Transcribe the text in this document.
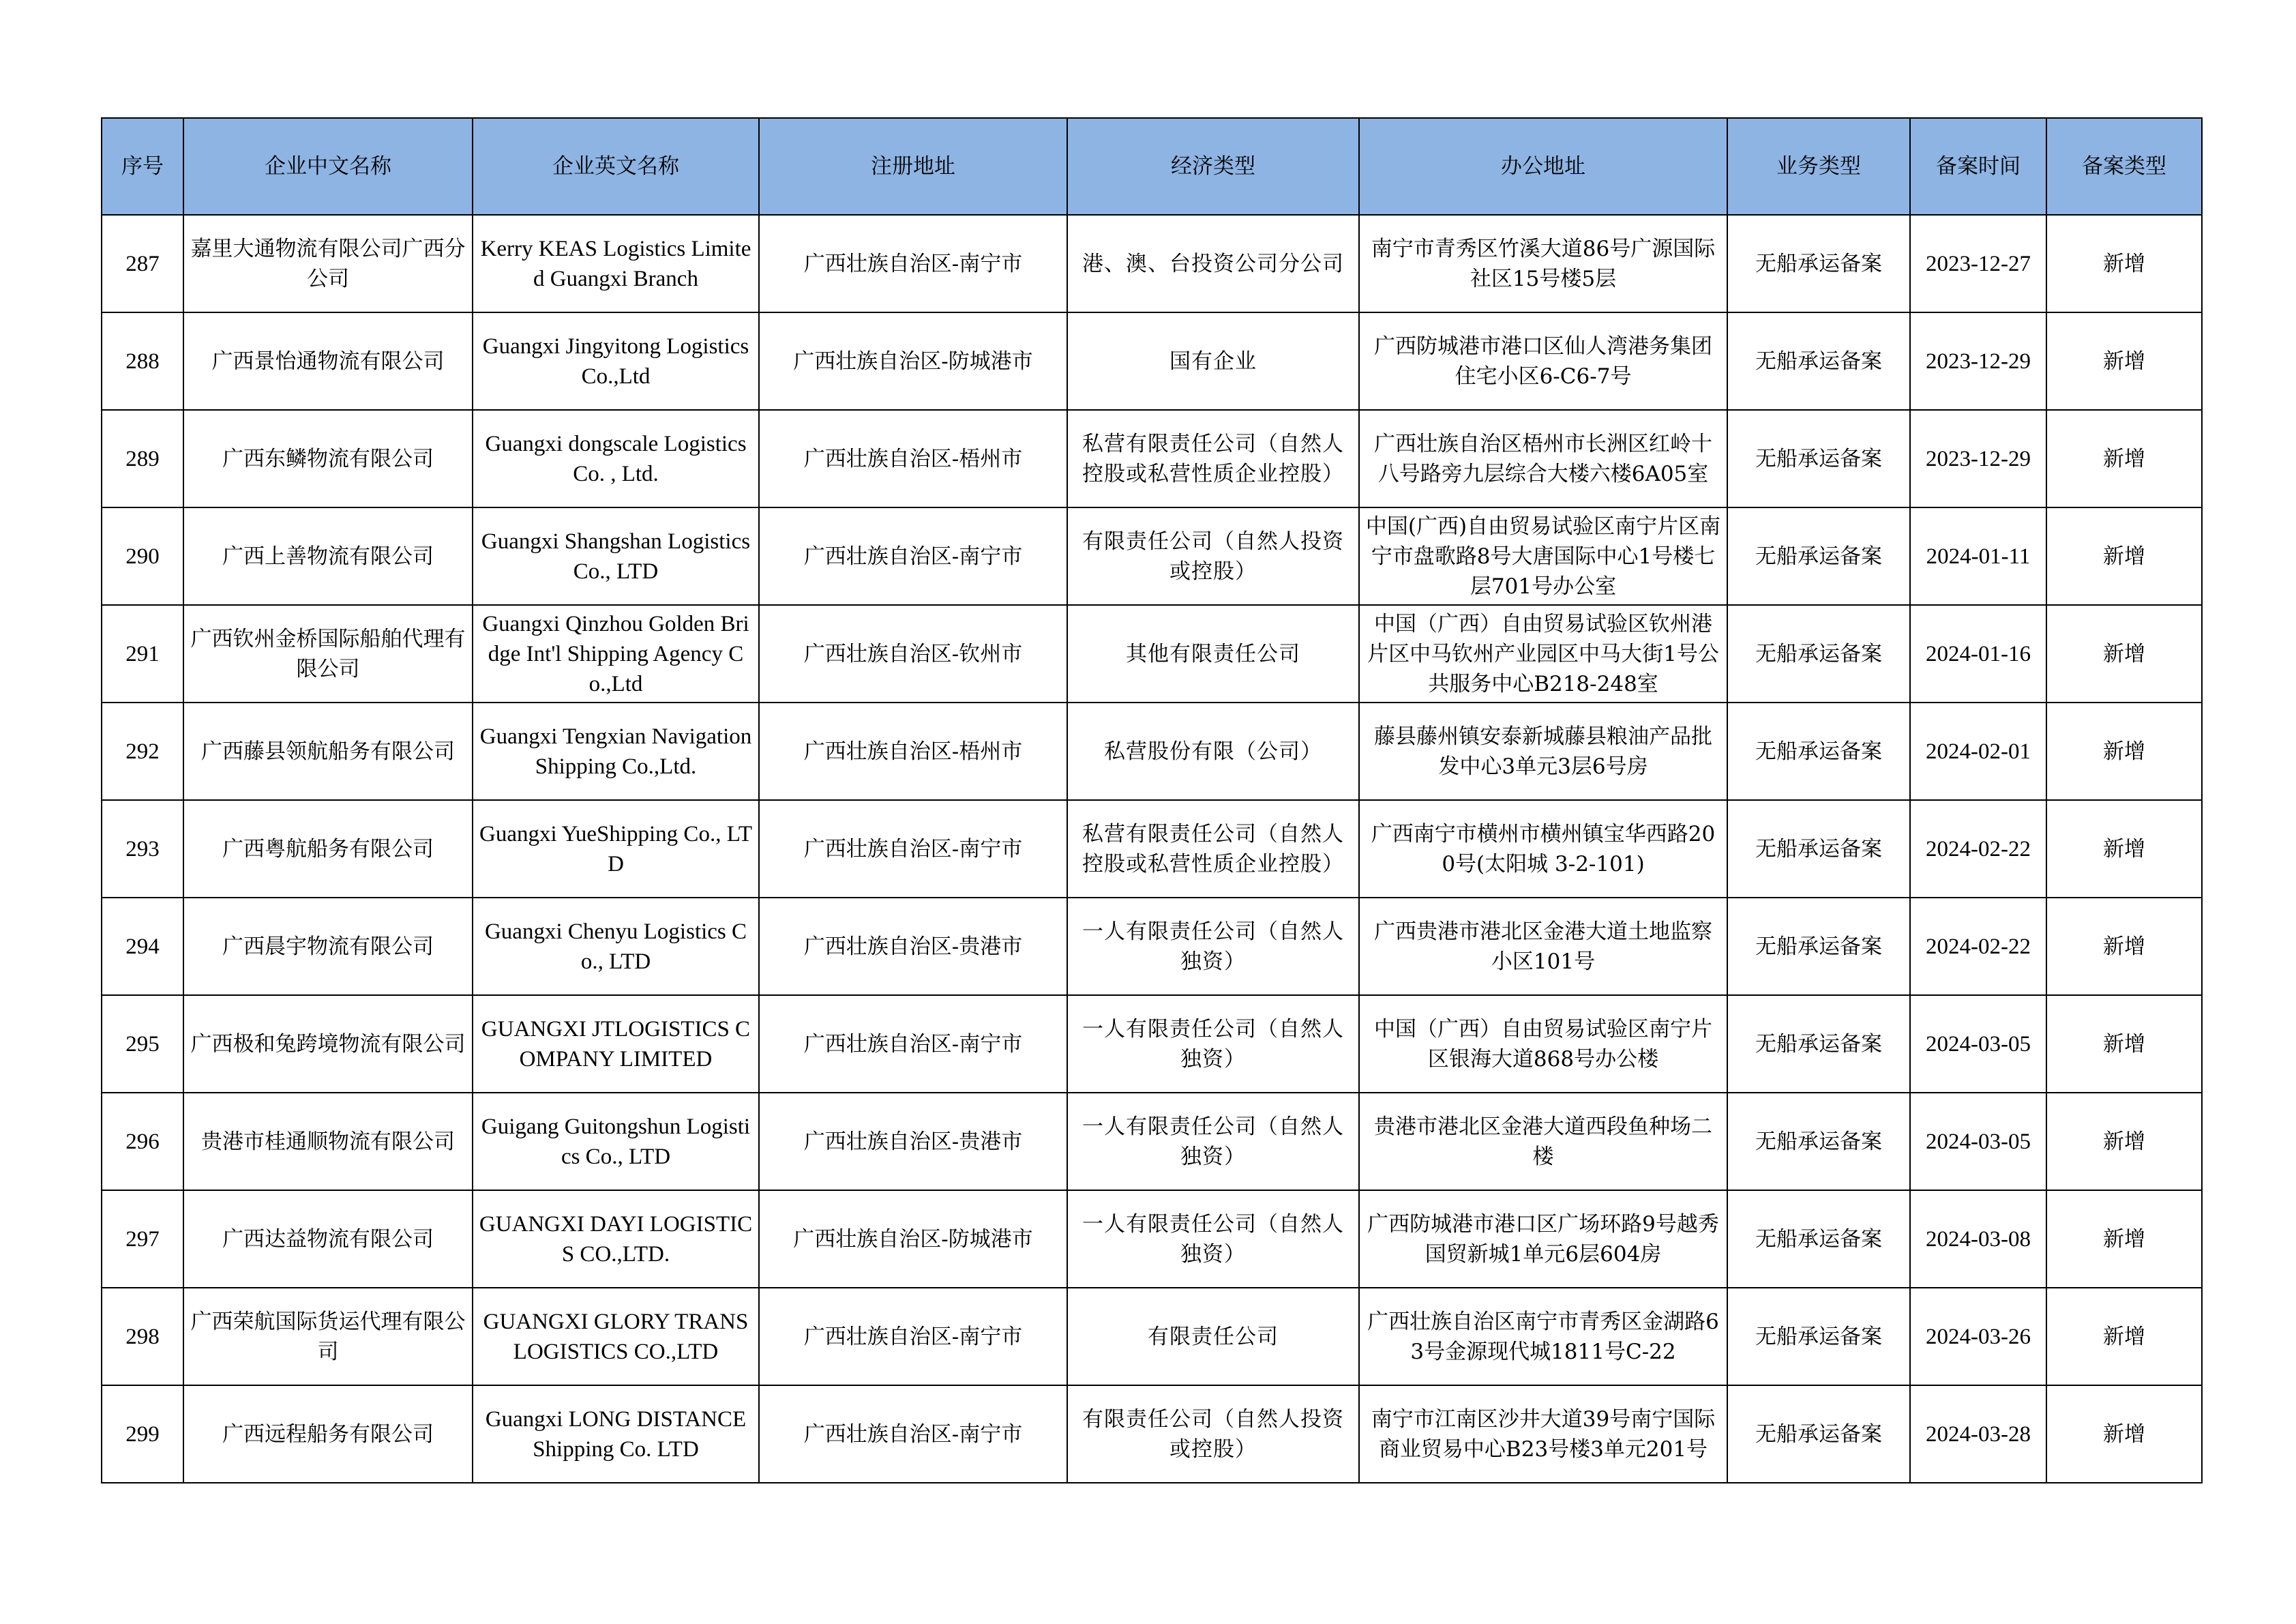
序号	企业中文名称	企业英文名称	注册地址	经济类型	办公地址	业务类型	备案时间	备案类型
287	嘉里大通物流有限公司广西分公司	Kerry KEAS Logistics Limited Guangxi Branch	广西壮族自治区-南宁市	港、澳、台投资公司分公司	南宁市青秀区竹溪大道86号广源国际社区15号楼5层	无船承运备案	2023-12-27	新增
288	广西景怡通物流有限公司	Guangxi Jingyitong Logistics Co.,Ltd	广西壮族自治区-防城港市	国有企业	广西防城港市港口区仙人湾港务集团住宅小区6-C6-7号	无船承运备案	2023-12-29	新增
289	广西东鳞物流有限公司	Guangxi dongscale Logistics Co. , Ltd.	广西壮族自治区-梧州市	私营有限责任公司（自然人控股或私营性质企业控股）	广西壮族自治区梧州市长洲区红岭十八号路旁九层综合大楼六楼6A05室	无船承运备案	2023-12-29	新增
290	广西上善物流有限公司	Guangxi Shangshan Logistics Co., LTD	广西壮族自治区-南宁市	有限责任公司（自然人投资或控股）	中国(广西)自由贸易试验区南宁片区南宁市盘歌路8号大唐国际中心1号楼七层701号办公室	无船承运备案	2024-01-11	新增
291	广西钦州金桥国际船舶代理有限公司	Guangxi Qinzhou Golden Bridge Int'l Shipping Agency Co.,Ltd	广西壮族自治区-钦州市	其他有限责任公司	中国（广西）自由贸易试验区钦州港片区中马钦州产业园区中马大街1号公共服务中心B218-248室	无船承运备案	2024-01-16	新增
292	广西藤县领航船务有限公司	Guangxi Tengxian Navigation Shipping Co.,Ltd.	广西壮族自治区-梧州市	私营股份有限（公司）	藤县藤州镇安泰新城藤县粮油产品批发中心3单元3层6号房	无船承运备案	2024-02-01	新增
293	广西粤航船务有限公司	Guangxi YueShipping Co., LTD	广西壮族自治区-南宁市	私营有限责任公司（自然人控股或私营性质企业控股）	广西南宁市横州市横州镇宝华西路200号(太阳城 3-2-101)	无船承运备案	2024-02-22	新增
294	广西晨宇物流有限公司	Guangxi Chenyu Logistics Co., LTD	广西壮族自治区-贵港市	一人有限责任公司（自然人独资）	广西贵港市港北区金港大道土地监察小区101号	无船承运备案	2024-02-22	新增
295	广西极和兔跨境物流有限公司	GUANGXI JTLOGISTICS COMPANY LIMITED	广西壮族自治区-南宁市	一人有限责任公司（自然人独资）	中国（广西）自由贸易试验区南宁片区银海大道868号办公楼	无船承运备案	2024-03-05	新增
296	贵港市桂通顺物流有限公司	Guigang Guitongshun Logistics Co., LTD	广西壮族自治区-贵港市	一人有限责任公司（自然人独资）	贵港市港北区金港大道西段鱼种场二楼	无船承运备案	2024-03-05	新增
297	广西达益物流有限公司	GUANGXI DAYI LOGISTICS CO.,LTD.	广西壮族自治区-防城港市	一人有限责任公司（自然人独资）	广西防城港市港口区广场环路9号越秀国贸新城1单元6层604房	无船承运备案	2024-03-08	新增
298	广西荣航国际货运代理有限公司	GUANGXI GLORY TRANS LOGISTICS CO.,LTD	广西壮族自治区-南宁市	有限责任公司	广西壮族自治区南宁市青秀区金湖路63号金源现代城1811号C-22	无船承运备案	2024-03-26	新增
299	广西远程船务有限公司	Guangxi LONG DISTANCE Shipping Co. LTD	广西壮族自治区-南宁市	有限责任公司（自然人投资或控股）	南宁市江南区沙井大道39号南宁国际商业贸易中心B23号楼3单元201号	无船承运备案	2024-03-28	新增
